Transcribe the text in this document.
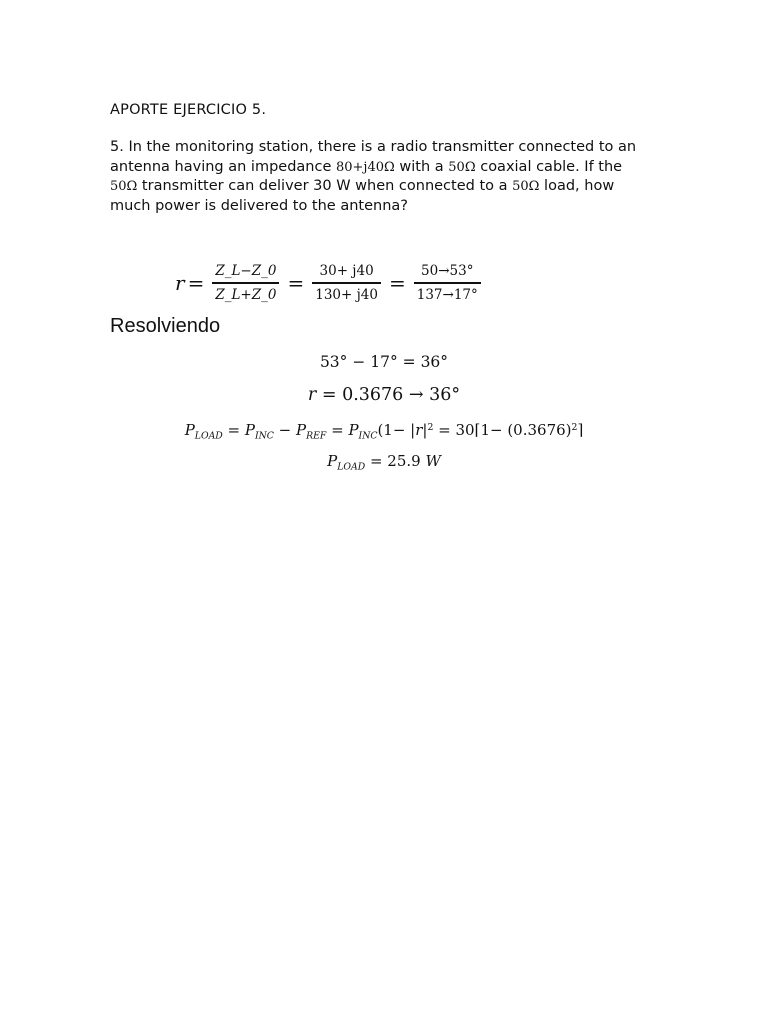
APORTE EJERCICIO 5.
5. In the monitoring station, there is a radio transmitter connected to an
antenna having an impedance 80+j40Ω with a 50Ω coaxial cable. If the
50Ω transmitter can deliver 30 W when connected to a 50Ω load, how
much power is delivered to the antenna?
$r = \frac{Z\_L-Z\_0}{Z\_L+Z\_0} = \frac{30+ j40}{130+ j40} = \frac{50\to 53^\circ}{137\to 17^\circ}$
Resolviendo
53° − 17° = 36°
r = 0.3676 → 36°
$P_{LOAD} = P_{INC} - P_{REF} = P_{INC}(1- |r|^2$ = 30⌈1− $(0.3676)^2⌉$
$P_{LOAD} = 25.9$ W
